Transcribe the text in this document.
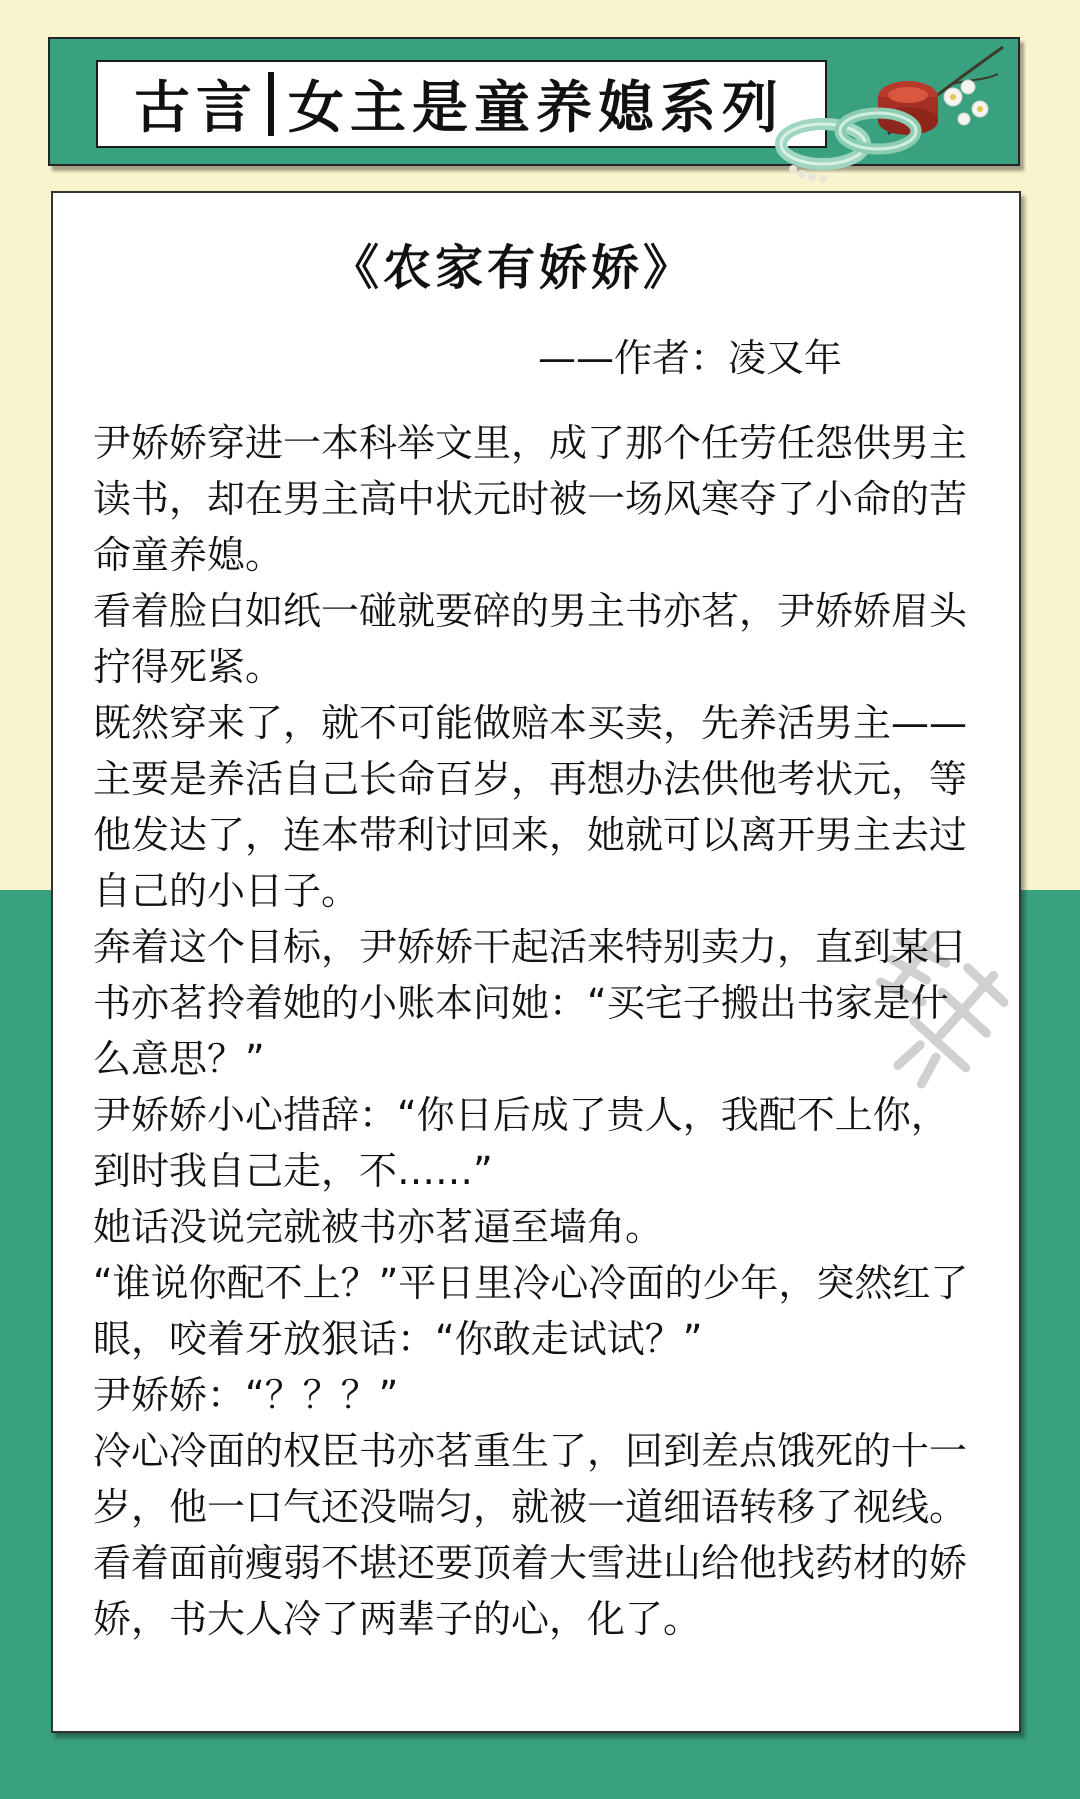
古言 女主是童养媳系列
《农家有娇娇》
——作者：凌又年

尹娇娇穿进一本科举文里，成了那个任劳任怨供男主读书，却在男主高中状元时被一场风寒夺了小命的苦命童养媳。

看着脸白如纸一碰就要碎的男主书亦茗，尹娇娇眉头拧得死紧。

既然穿来了，就不可能做赔本买卖，先养活男主——主要是养活自己长命百岁，再想办法供他考状元，等他发达了，连本带利讨回来，她就可以离开男主去过自己的小日子。

奔着这个目标，尹娇娇干起活来特别卖力，直到某日书亦茗拎着她的小账本问她：“买宅子搬出书家是什么意思？”

尹娇娇小心措辞：“你日后成了贵人，我配不上你，到时我自己走，不……”

她话没说完就被书亦茗逼至墙角。

“谁说你配不上？”平日里冷心冷面的少年，突然红了眼，咬着牙放狠话：“你敢走试试？”

尹娇娇：“？？？”

冷心冷面的权臣书亦茗重生了，回到差点饿死的十一岁，他一口气还没喘匀，就被一道细语转移了视线。

看着面前瘦弱不堪还要顶着大雪进山给他找药材的娇娇，书大人冷了两辈子的心，化了。
